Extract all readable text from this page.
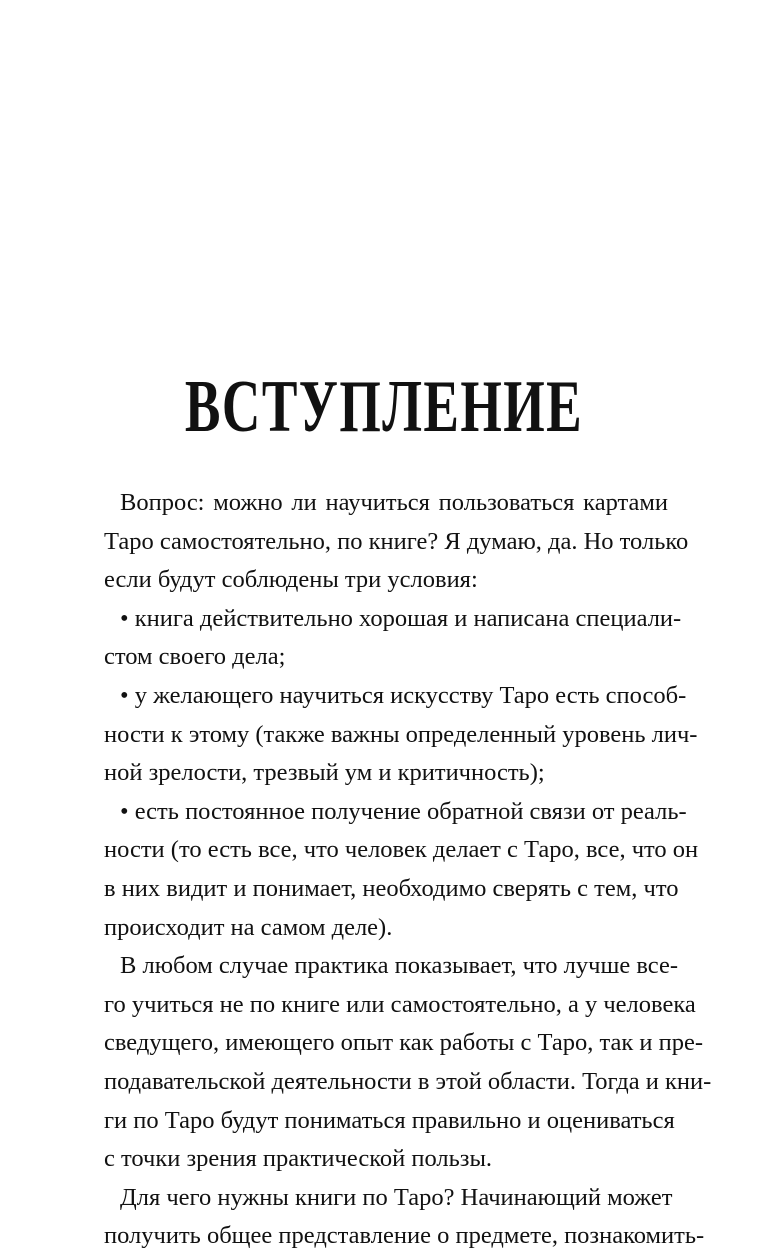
ВСТУПЛЕНИЕ
Вопрос: можно ли научиться пользоваться картами
Таро самостоятельно, по книге? Я думаю, да. Но только
если будут соблюдены три условия:
• книга действительно хорошая и написана специали-
стом своего дела;
• у желающего научиться искусству Таро есть способ-
ности к этому (также важны определенный уровень лич-
ной зрелости, трезвый ум и критичность);
• есть постоянное получение обратной связи от реаль-
ности (то есть все, что человек делает с Таро, все, что он
в них видит и понимает, необходимо сверять с тем, что
происходит на самом деле).
В любом случае практика показывает, что лучше все-
го учиться не по книге или самостоятельно, а у человека
сведущего, имеющего опыт как работы с Таро, так и пре-
подавательской деятельности в этой области. Тогда и кни-
ги по Таро будут пониматься правильно и оцениваться
с точки зрения практической пользы.
Для чего нужны книги по Таро? Начинающий может
получить общее представление о предмете, познакомить-
